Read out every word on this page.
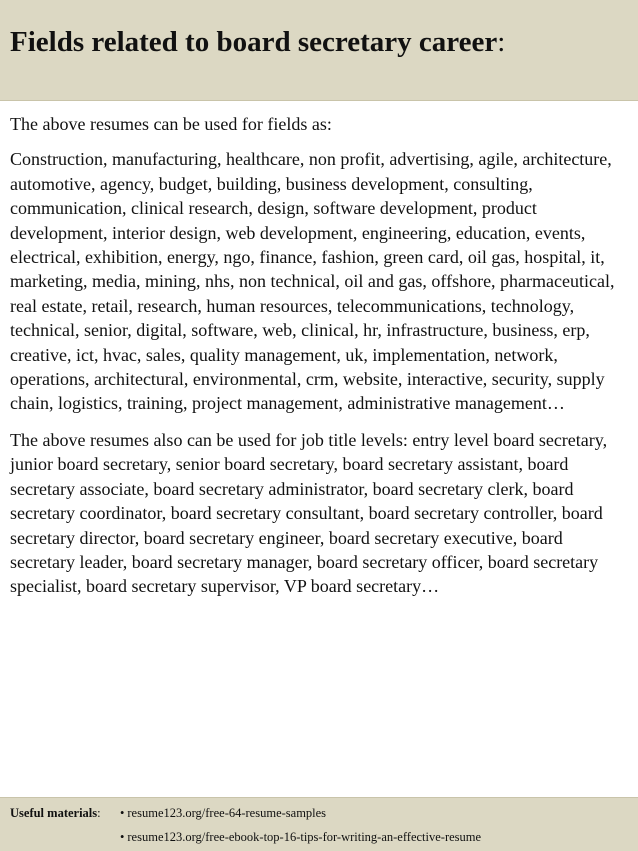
Fields related to board secretary career:

The above resumes can be used for fields as:

Construction, manufacturing, healthcare, non profit, advertising, agile, architecture, automotive, agency, budget, building, business development, consulting, communication, clinical research, design, software development, product development, interior design, web development, engineering, education, events, electrical, exhibition, energy, ngo, finance, fashion, green card, oil gas, hospital, it, marketing, media, mining, nhs, non technical, oil and gas, offshore, pharmaceutical, real estate, retail, research, human resources, telecommunications, technology, technical, senior, digital, software, web, clinical, hr, infrastructure, business, erp, creative, ict, hvac, sales, quality management, uk, implementation, network, operations, architectural, environmental, crm, website, interactive, security, supply chain, logistics, training, project management, administrative management…

The above resumes also can be used for job title levels: entry level board secretary, junior board secretary, senior board secretary, board secretary assistant, board secretary associate, board secretary administrator, board secretary clerk, board secretary coordinator, board secretary consultant, board secretary controller, board secretary director, board secretary engineer, board secretary executive, board secretary leader, board secretary manager, board secretary officer, board secretary specialist, board secretary supervisor, VP board secretary…

Useful materials: • resume123.org/free-64-resume-samples
• resume123.org/free-ebook-top-16-tips-for-writing-an-effective-resume
